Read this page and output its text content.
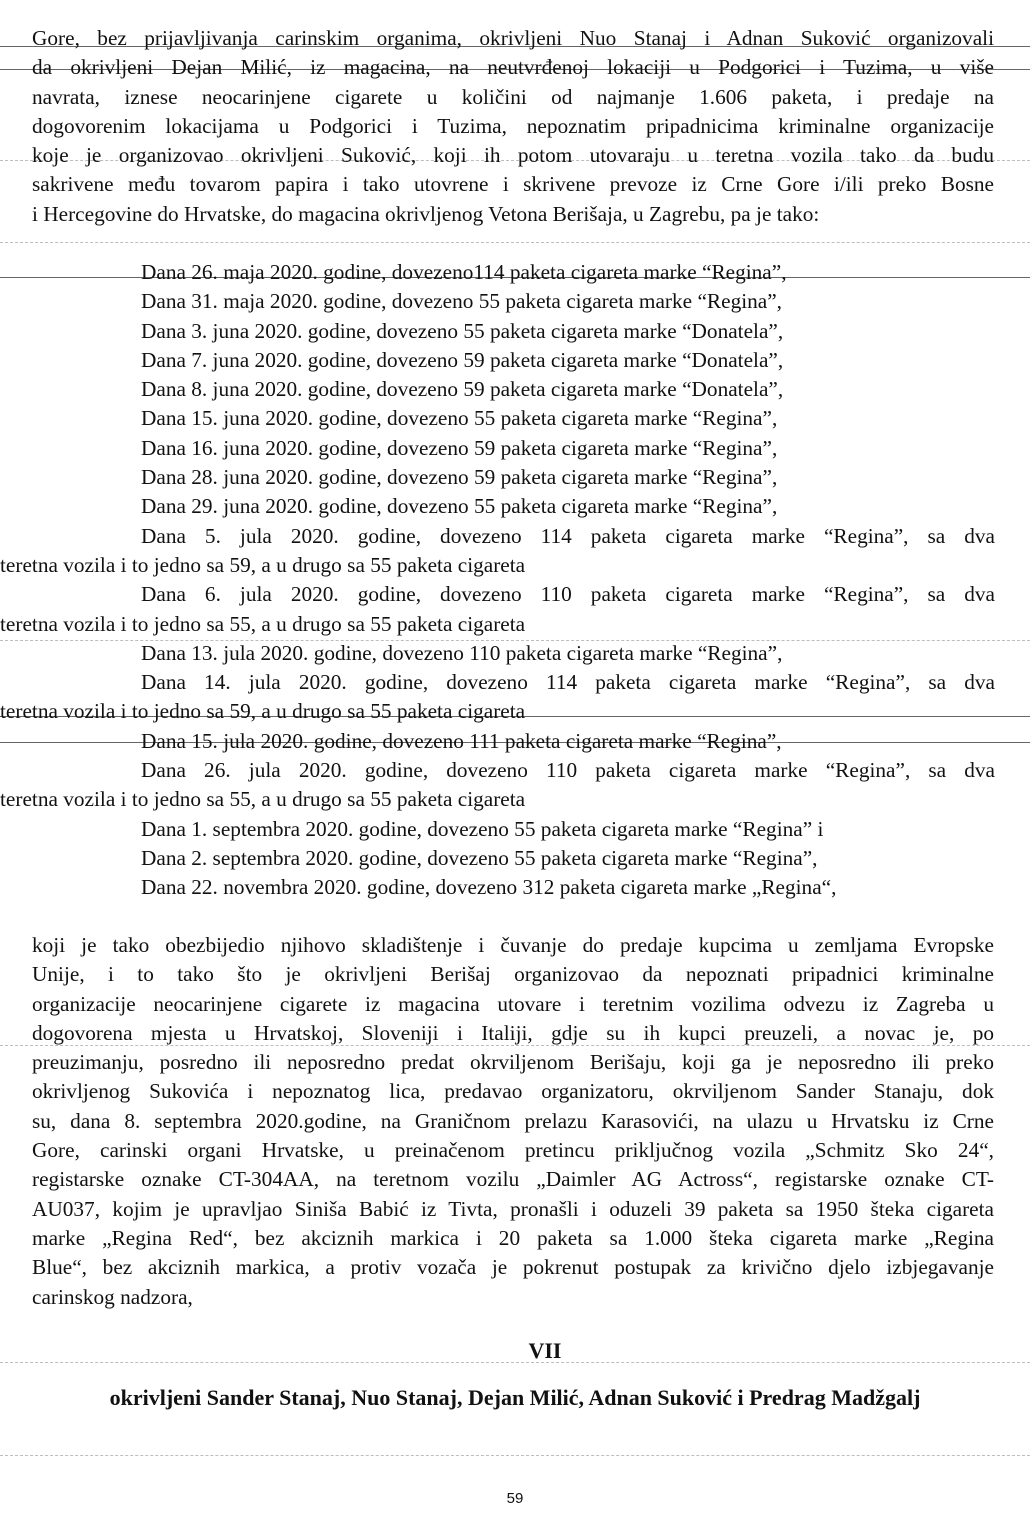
Gore, bez prijavljivanja carinskim organima, okrivljeni Nuo Stanaj i Adnan Suković organizovali
da okrivljeni Dejan Milić, iz magacina, na neutvrđenoj lokaciji u Podgorici i Tuzima, u više
navrata, iznese neocarinjene cigarete u količini od najmanje 1.606 paketa, i predaje na
dogovorenim lokacijama u Podgorici i Tuzima, nepoznatim pripadnicima kriminalne organizacije
koje je organizovao okrivljeni Suković, koji ih potom utovaraju u teretna vozila tako da budu
sakrivene među tovarom papira i tako utovrene i skrivene prevoze iz Crne Gore i/ili preko Bosne
i Hercegovine do Hrvatske, do magacina okrivljenog Vetona Berišaja, u Zagrebu, pa je tako:

Dana 26. maja 2020. godine, dovezeno114 paketa cigareta marke “Regina”,
Dana 31. maja 2020. godine, dovezeno 55 paketa cigareta marke “Regina”,
Dana 3. juna 2020. godine, dovezeno 55 paketa cigareta marke “Donatela”,
Dana 7. juna 2020. godine, dovezeno 59 paketa cigareta marke “Donatela”,
Dana 8. juna 2020. godine, dovezeno 59 paketa cigareta marke “Donatela”,
Dana 15. juna 2020. godine, dovezeno 55 paketa cigareta marke “Regina”,
Dana 16. juna 2020. godine, dovezeno 59 paketa cigareta marke “Regina”,
Dana 28. juna 2020. godine, dovezeno 59 paketa cigareta marke “Regina”,
Dana 29. juna 2020. godine, dovezeno 55 paketa cigareta marke “Regina”,
Dana 5. jula 2020. godine, dovezeno 114 paketa cigareta marke “Regina”, sa dva
teretna vozila i to jedno sa 59, a u drugo sa 55 paketa cigareta
Dana 6. jula 2020. godine, dovezeno 110 paketa cigareta marke “Regina”, sa dva
teretna vozila i to jedno sa 55, a u drugo sa 55 paketa cigareta
Dana 13. jula 2020. godine, dovezeno 110 paketa cigareta marke “Regina”,
Dana 14. jula 2020. godine, dovezeno 114 paketa cigareta marke “Regina”, sa dva
teretna vozila i to jedno sa 59, a u drugo sa 55 paketa cigareta
Dana 15. jula 2020. godine, dovezeno 111 paketa cigareta marke “Regina”,
Dana 26. jula 2020. godine, dovezeno 110 paketa cigareta marke “Regina”, sa dva
teretna vozila i to jedno sa 55, a u drugo sa 55 paketa cigareta
Dana 1. septembra 2020. godine, dovezeno 55 paketa cigareta marke “Regina” i
Dana 2. septembra 2020. godine, dovezeno 55 paketa cigareta marke “Regina”,
Dana 22. novembra 2020. godine, dovezeno 312 paketa cigareta marke „Regina“,

koji je tako obezbijedio njihovo skladištenje i čuvanje do predaje kupcima u zemljama Evropske
Unije, i to tako što je okrivljeni Berišaj organizovao da nepoznati pripadnici kriminalne
organizacije neocarinjene cigarete iz magacina utovare i teretnim vozilima odvezu iz Zagreba u
dogovorena mjesta u Hrvatskoj, Sloveniji i Italiji, gdje su ih kupci preuzeli, a novac je, po
preuzimanju, posredno ili neposredno predat okrviljenom Berišaju, koji ga je neposredno ili preko
okrivljenog Sukovića i nepoznatog lica, predavao organizatoru, okrviljenom Sander Stanaju, dok
su, dana 8. septembra 2020.godine, na Graničnom prelazu Karasovići, na ulazu u Hrvatsku iz Crne
Gore, carinski organi Hrvatske, u preinačenom pretincu priključnog vozila „Schmitz Sko 24“,
registarske oznake CT-304AA, na teretnom vozilu „Daimler AG Actross“, registarske oznake CT-
AU037, kojim je upravljao Siniša Babić iz Tivta, pronašli i oduzeli 39 paketa sa 1950 šteka cigareta
marke „Regina Red“, bez akciznih markica i 20 paketa sa 1.000 šteka cigareta marke „Regina
Blue“, bez akciznih markica, a protiv vozača je pokrenut postupak za krivično djelo izbjegavanje
carinskog nadzora,

VII
okrivljeni Sander Stanaj, Nuo Stanaj, Dejan Milić, Adnan Suković i Predrag Madžgalj
59
